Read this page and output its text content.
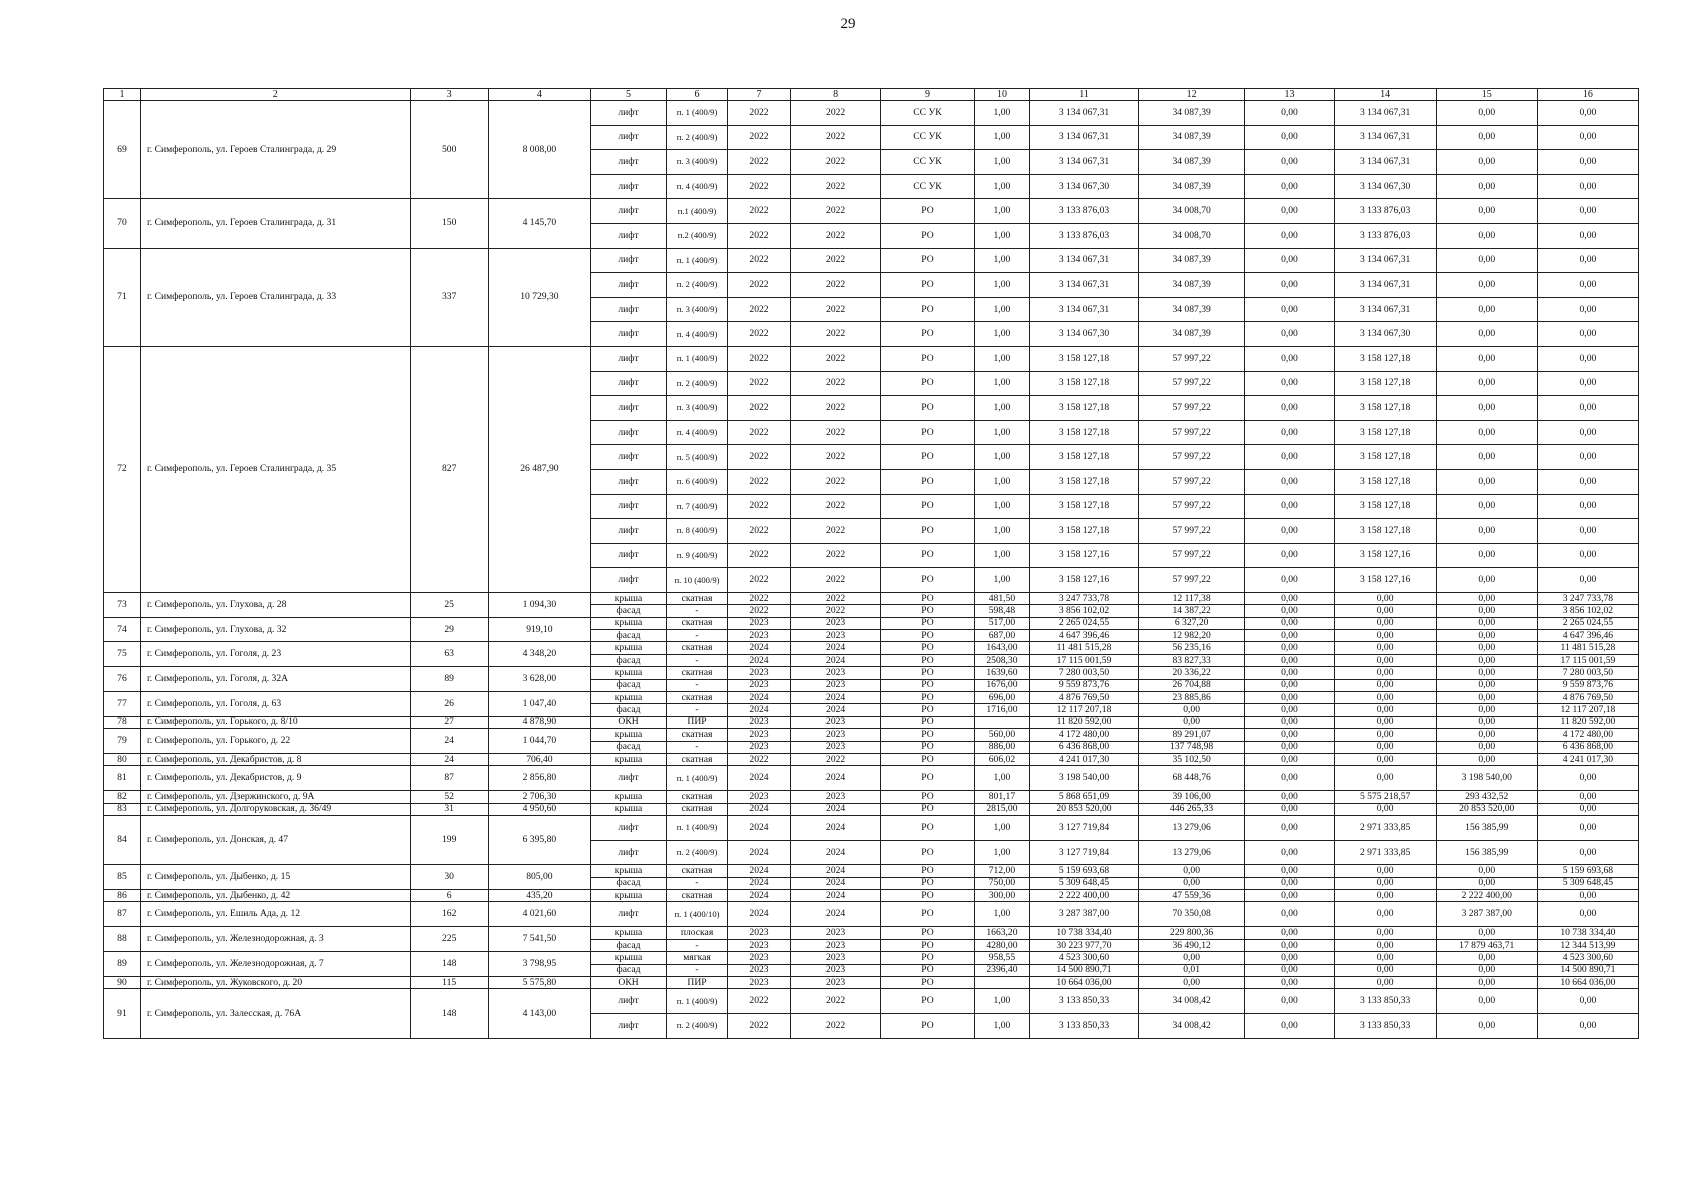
29
1	2	3	4	5	6	7	8	9	10	11	12	13	14	15	16
69	г. Симферополь, ул. Героев Сталинграда, д. 29	500	8 008,00	лифт	п. 1 (400/9)	2022	2022	СС УК	1,00	3 134 067,31	34 087,39	0,00	3 134 067,31	0,00	0,00
				лифт	п. 2 (400/9)	2022	2022	СС УК	1,00	3 134 067,31	34 087,39	0,00	3 134 067,31	0,00	0,00
				лифт	п. 3 (400/9)	2022	2022	СС УК	1,00	3 134 067,31	34 087,39	0,00	3 134 067,31	0,00	0,00
				лифт	п. 4 (400/9)	2022	2022	СС УК	1,00	3 134 067,30	34 087,39	0,00	3 134 067,30	0,00	0,00
70	г. Симферополь, ул. Героев Сталинграда, д. 31	150	4 145,70	лифт	п.1 (400/9)	2022	2022	РО	1,00	3 133 876,03	34 008,70	0,00	3 133 876,03	0,00	0,00
				лифт	п.2 (400/9)	2022	2022	РО	1,00	3 133 876,03	34 008,70	0,00	3 133 876,03	0,00	0,00
71	г. Симферополь, ул. Героев Сталинграда, д. 33	337	10 729,30	лифт	п. 1 (400/9)	2022	2022	РО	1,00	3 134 067,31	34 087,39	0,00	3 134 067,31	0,00	0,00
				лифт	п. 2 (400/9)	2022	2022	РО	1,00	3 134 067,31	34 087,39	0,00	3 134 067,31	0,00	0,00
				лифт	п. 3 (400/9)	2022	2022	РО	1,00	3 134 067,31	34 087,39	0,00	3 134 067,31	0,00	0,00
				лифт	п. 4 (400/9)	2022	2022	РО	1,00	3 134 067,30	34 087,39	0,00	3 134 067,30	0,00	0,00
72	г. Симферополь, ул. Героев Сталинграда, д. 35	827	26 487,90	лифт	п. 1 (400/9)	2022	2022	РО	1,00	3 158 127,18	57 997,22	0,00	3 158 127,18	0,00	0,00
				лифт	п. 2 (400/9)	2022	2022	РО	1,00	3 158 127,18	57 997,22	0,00	3 158 127,18	0,00	0,00
				лифт	п. 3 (400/9)	2022	2022	РО	1,00	3 158 127,18	57 997,22	0,00	3 158 127,18	0,00	0,00
				лифт	п. 4 (400/9)	2022	2022	РО	1,00	3 158 127,18	57 997,22	0,00	3 158 127,18	0,00	0,00
				лифт	п. 5 (400/9)	2022	2022	РО	1,00	3 158 127,18	57 997,22	0,00	3 158 127,18	0,00	0,00
				лифт	п. 6 (400/9)	2022	2022	РО	1,00	3 158 127,18	57 997,22	0,00	3 158 127,18	0,00	0,00
				лифт	п. 7 (400/9)	2022	2022	РО	1,00	3 158 127,18	57 997,22	0,00	3 158 127,18	0,00	0,00
				лифт	п. 8 (400/9)	2022	2022	РО	1,00	3 158 127,18	57 997,22	0,00	3 158 127,18	0,00	0,00
				лифт	п. 9 (400/9)	2022	2022	РО	1,00	3 158 127,16	57 997,22	0,00	3 158 127,16	0,00	0,00
				лифт	п. 10 (400/9)	2022	2022	РО	1,00	3 158 127,16	57 997,22	0,00	3 158 127,16	0,00	0,00
73	г. Симферополь, ул. Глухова, д. 28	25	1 094,30	крыша	скатная	2022	2022	РО	481,50	3 247 733,78	12 117,38	0,00	0,00	0,00	3 247 733,78
				фасад	-	2022	2022	РО	598,48	3 856 102,02	14 387,22	0,00	0,00	0,00	3 856 102,02
74	г. Симферополь, ул. Глухова, д. 32	29	919,10	крыша	скатная	2023	2023	РО	517,00	2 265 024,55	6 327,20	0,00	0,00	0,00	2 265 024,55
				фасад	-	2023	2023	РО	687,00	4 647 396,46	12 982,20	0,00	0,00	0,00	4 647 396,46
75	г. Симферополь, ул. Гоголя, д. 23	63	4 348,20	крыша	скатная	2024	2024	РО	1643,00	11 481 515,28	56 235,16	0,00	0,00	0,00	11 481 515,28
				фасад	-	2024	2024	РО	2508,30	17 115 001,59	83 827,33	0,00	0,00	0,00	17 115 001,59
76	г. Симферополь, ул. Гоголя, д. 32А	89	3 628,00	крыша	скатная	2023	2023	РО	1639,60	7 280 003,50	20 336,22	0,00	0,00	0,00	7 280 003,50
				фасад	-	2023	2023	РО	1676,00	9 559 873,76	26 704,88	0,00	0,00	0,00	9 559 873,76
77	г. Симферополь, ул. Гоголя, д. 63	26	1 047,40	крыша	скатная	2024	2024	РО	696,00	4 876 769,50	23 885,86	0,00	0,00	0,00	4 876 769,50
				фасад	-	2024	2024	РО	1716,00	12 117 207,18	0,00	0,00	0,00	0,00	12 117 207,18
78	г. Симферополь, ул. Горького, д. 8/10	27	4 878,90	ОКН	ПИР	2023	2023	РО		11 820 592,00	0,00	0,00	0,00	0,00	11 820 592,00
79	г. Симферополь, ул. Горького, д. 22	24	1 044,70	крыша	скатная	2023	2023	РО	560,00	4 172 480,00	89 291,07	0,00	0,00	0,00	4 172 480,00
				фасад	-	2023	2023	РО	886,00	6 436 868,00	137 748,98	0,00	0,00	0,00	6 436 868,00
80	г. Симферополь, ул. Декабристов, д. 8	24	706,40	крыша	скатная	2022	2022	РО	606,02	4 241 017,30	35 102,50	0,00	0,00	0,00	4 241 017,30
81	г. Симферополь, ул. Декабристов, д. 9	87	2 856,80	лифт	п. 1 (400/9)	2024	2024	РО	1,00	3 198 540,00	68 448,76	0,00	0,00	3 198 540,00	0,00
82	г. Симферополь, ул. Дзержинского, д. 9А	52	2 706,30	крыша	скатная	2023	2023	РО	801,17	5 868 651,09	39 106,00	0,00	5 575 218,57	293 432,52	0,00
83	г. Симферополь, ул. Долгоруковская, д. 36/49	31	4 950,60	крыша	скатная	2024	2024	РО	2815,00	20 853 520,00	446 265,33	0,00	0,00	20 853 520,00	0,00
84	г. Симферополь, ул. Донская, д. 47	199	6 395,80	лифт	п. 1 (400/9)	2024	2024	РО	1,00	3 127 719,84	13 279,06	0,00	2 971 333,85	156 385,99	0,00
				лифт	п. 2 (400/9)	2024	2024	РО	1,00	3 127 719,84	13 279,06	0,00	2 971 333,85	156 385,99	0,00
85	г. Симферополь, ул. Дыбенко, д. 15	30	805,00	крыша	скатная	2024	2024	РО	712,00	5 159 693,68	0,00	0,00	0,00	0,00	5 159 693,68
				фасад	-	2024	2024	РО	750,00	5 309 648,45	0,00	0,00	0,00	0,00	5 309 648,45
86	г. Симферополь, ул. Дыбенко, д. 42	6	435,20	крыша	скатная	2024	2024	РО	300,00	2 222 400,00	47 559,36	0,00	0,00	2 222 400,00	0,00
87	г. Симферополь, ул. Ешиль Ада, д. 12	162	4 021,60	лифт	п. 1 (400/10)	2024	2024	РО	1,00	3 287 387,00	70 350,08	0,00	0,00	3 287 387,00	0,00
88	г. Симферополь, ул. Железнодорожная, д. 3	225	7 541,50	крыша	плоская	2023	2023	РО	1663,20	10 738 334,40	229 800,36	0,00	0,00	0,00	10 738 334,40
				фасад	-	2023	2023	РО	4280,00	30 223 977,70	36 490,12	0,00	0,00	17 879 463,71	12 344 513,99
89	г. Симферополь, ул. Железнодорожная, д. 7	148	3 798,95	крыша	мягкая	2023	2023	РО	958,55	4 523 300,60	0,00	0,00	0,00	0,00	4 523 300,60
				фасад	-	2023	2023	РО	2396,40	14 500 890,71	0,01	0,00	0,00	0,00	14 500 890,71
90	г. Симферополь, ул. Жуковского, д. 20	115	5 575,80	ОКН	ПИР	2023	2023	РО		10 664 036,00	0,00	0,00	0,00	0,00	10 664 036,00
91	г. Симферополь, ул. Залесская, д. 76А	148	4 143,00	лифт	п. 1 (400/9)	2022	2022	РО	1,00	3 133 850,33	34 008,42	0,00	3 133 850,33	0,00	0,00
				лифт	п. 2 (400/9)	2022	2022	РО	1,00	3 133 850,33	34 008,42	0,00	3 133 850,33	0,00	0,00
